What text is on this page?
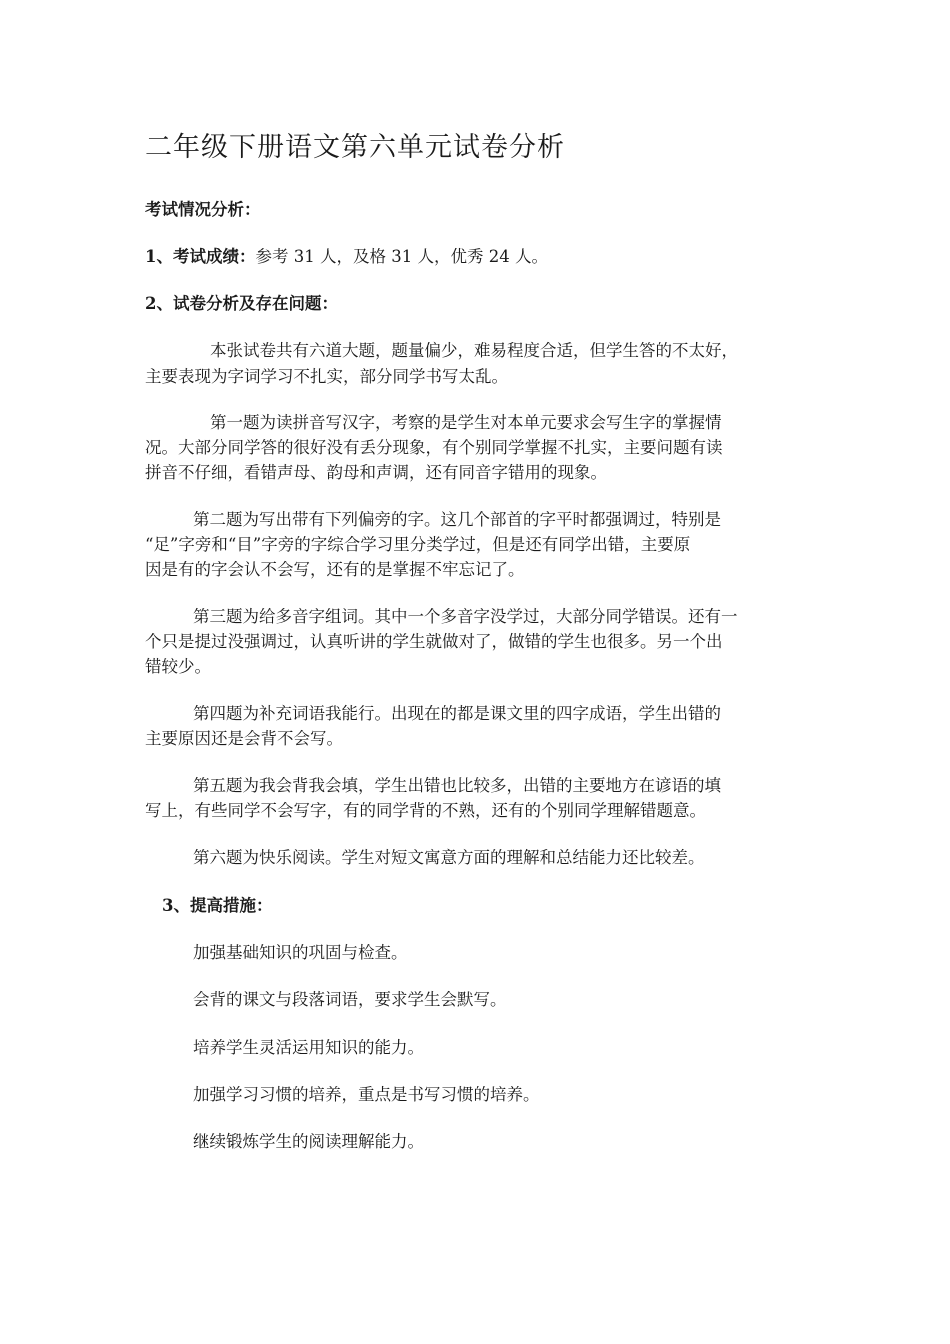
二年级下册语文第六单元试卷分析

考试情况分析：

1、考试成绩：参考 31 人，及格 31 人，优秀 24 人。

2、试卷分析及存在问题：

本张试卷共有六道大题，题量偏少，难易程度合适，但学生答的不太好，

主要表现为字词学习不扎实，部分同学书写太乱。

第一题为读拼音写汉字，考察的是学生对本单元要求会写生字的掌握情

况。大部分同学答的很好没有丢分现象，有个别同学掌握不扎实，主要问题有读

拼音不仔细，看错声母、韵母和声调，还有同音字错用的现象。

第二题为写出带有下列偏旁的字。这几个部首的字平时都强调过，特别是

“足”字旁和“目”字旁的字综合学习里分类学过，但是还有同学出错，主要原

因是有的字会认不会写，还有的是掌握不牢忘记了。

第三题为给多音字组词。其中一个多音字没学过，大部分同学错误。还有一

个只是提过没强调过，认真听讲的学生就做对了，做错的学生也很多。另一个出

错较少。

第四题为补充词语我能行。出现在的都是课文里的四字成语，学生出错的

主要原因还是会背不会写。

第五题为我会背我会填，学生出错也比较多，出错的主要地方在谚语的填

写上，有些同学不会写字，有的同学背的不熟，还有的个别同学理解错题意。

第六题为快乐阅读。学生对短文寓意方面的理解和总结能力还比较差。

3、提高措施：

加强基础知识的巩固与检查。

会背的课文与段落词语，要求学生会默写。

培养学生灵活运用知识的能力。

加强学习习惯的培养，重点是书写习惯的培养。

继续锻炼学生的阅读理解能力。
